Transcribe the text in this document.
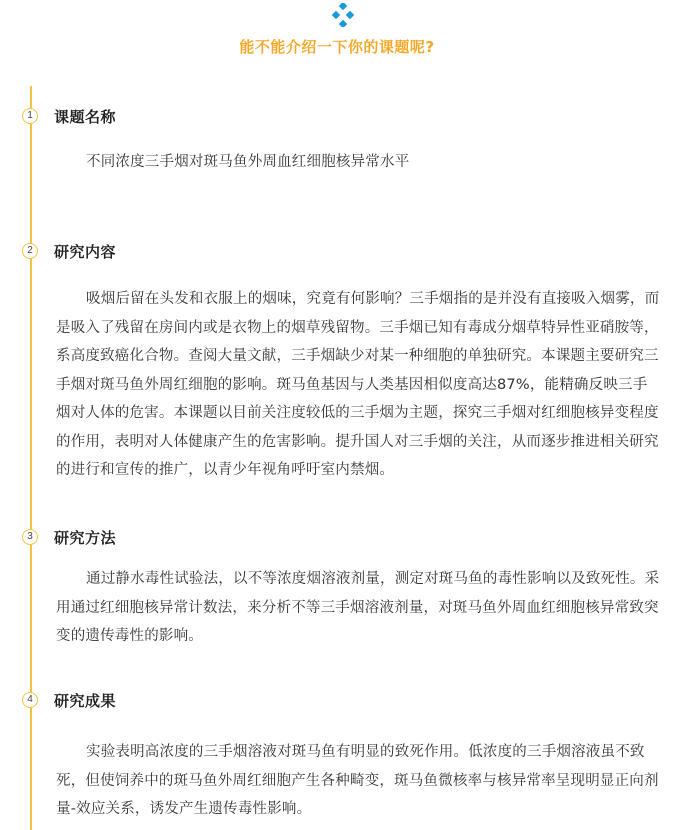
能不能介绍一下你的课题呢?
1	课题名称
不同浓度三手烟对斑马鱼外周血红细胞核异常水平
2	研究内容
吸烟后留在头发和衣服上的烟味，究竟有何影响？三手烟指的是并没有直接吸入烟雾，而是吸入了残留在房间内或是衣物上的烟草残留物。三手烟已知有毒成分烟草特异性亚硝胺等，系高度致癌化合物。查阅大量文献，三手烟缺少对某一种细胞的单独研究。本课题主要研究三手烟对斑马鱼外周红细胞的影响。斑马鱼基因与人类基因相似度高达87%，能精确反映三手烟对人体的危害。本课题以目前关注度较低的三手烟为主题，探究三手烟对红细胞核异变程度的作用，表明对人体健康产生的危害影响。提升国人对三手烟的关注，从而逐步推进相关研究的进行和宣传的推广，以青少年视角呼吁室内禁烟。
3	研究方法
通过静水毒性试验法，以不等浓度烟溶液剂量，测定对斑马鱼的毒性影响以及致死性。采用通过红细胞核异常计数法，来分析不等三手烟溶液剂量，对斑马鱼外周血红细胞核异常致突变的遗传毒性的影响。
4	研究成果
实验表明高浓度的三手烟溶液对斑马鱼有明显的致死作用。低浓度的三手烟溶液虽不致死，但使饲养中的斑马鱼外周红细胞产生各种畸变，斑马鱼微核率与核异常率呈现明显正向剂量-效应关系，诱发产生遗传毒性影响。
